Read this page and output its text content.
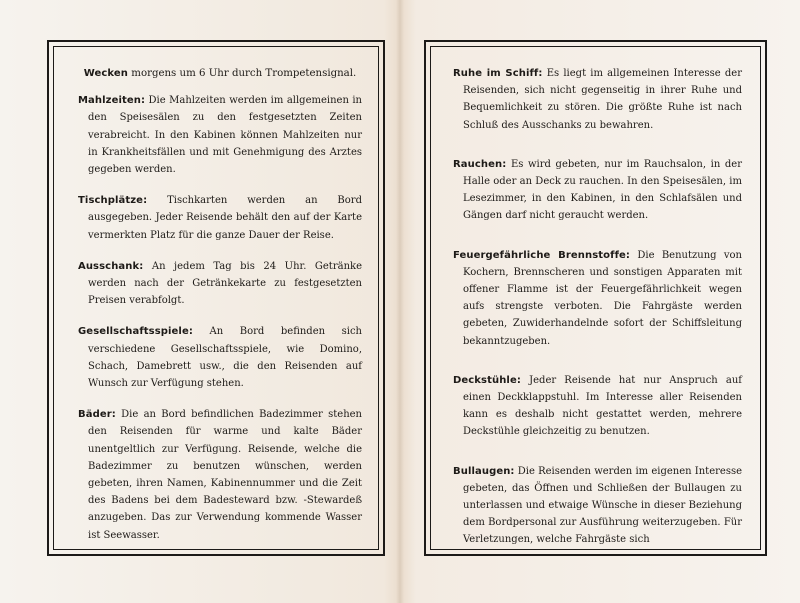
Wecken morgens um 6 Uhr durch Trompetensignal.
Mahlzeiten: Die Mahlzeiten werden im allgemeinen in den Speisesälen zu den festgesetzten Zeiten verabreicht. In den Kabinen können Mahlzeiten nur in Krankheitsfällen und mit Genehmigung des Arztes gegeben werden.
Tischplätze: Tischkarten werden an Bord ausgegeben. Jeder Reisende behält den auf der Karte vermerkten Platz für die ganze Dauer der Reise.
Ausschank: An jedem Tag bis 24 Uhr. Getränke werden nach der Getränkekarte zu festgesetzten Preisen verabfolgt.
Gesellschaftsspiele: An Bord befinden sich verschiedene Gesellschaftsspiele, wie Domino, Schach, Damebrett usw., die den Reisenden auf Wunsch zur Verfügung stehen.
Bäder: Die an Bord befindlichen Badezimmer stehen den Reisenden für warme und kalte Bäder unentgeltlich zur Verfügung. Reisende, welche die Badezimmer zu benutzen wünschen, werden gebeten, ihren Namen, Kabinennummer und die Zeit des Badens bei dem Badesteward bzw. -Stewardeß anzugeben. Das zur Verwendung kommende Wasser ist Seewasser.
Ruhe im Schiff: Es liegt im allgemeinen Interesse der Reisenden, sich nicht gegenseitig in ihrer Ruhe und Bequemlichkeit zu stören. Die größte Ruhe ist nach Schluß des Ausschanks zu bewahren.
Rauchen: Es wird gebeten, nur im Rauchsalon, in der Halle oder an Deck zu rauchen. In den Speisesälen, im Lesezimmer, in den Kabinen, in den Schlafsälen und Gängen darf nicht geraucht werden.
Feuergefährliche Brennstoffe: Die Benutzung von Kochern, Brennscheren und sonstigen Apparaten mit offener Flamme ist der Feuergefährlichkeit wegen aufs strengste verboten. Die Fahrgäste werden gebeten, Zuwiderhandelnde sofort der Schiffsleitung bekanntzugeben.
Deckstühle: Jeder Reisende hat nur Anspruch auf einen Deckklappstuhl. Im Interesse aller Reisenden kann es deshalb nicht gestattet werden, mehrere Deckstühle gleichzeitig zu benutzen.
Bullaugen: Die Reisenden werden im eigenen Interesse gebeten, das Öffnen und Schließen der Bullaugen zu unterlassen und etwaige Wünsche in dieser Beziehung dem Bordpersonal zur Ausführung weiterzugeben. Für Verletzungen, welche Fahrgäste sich
